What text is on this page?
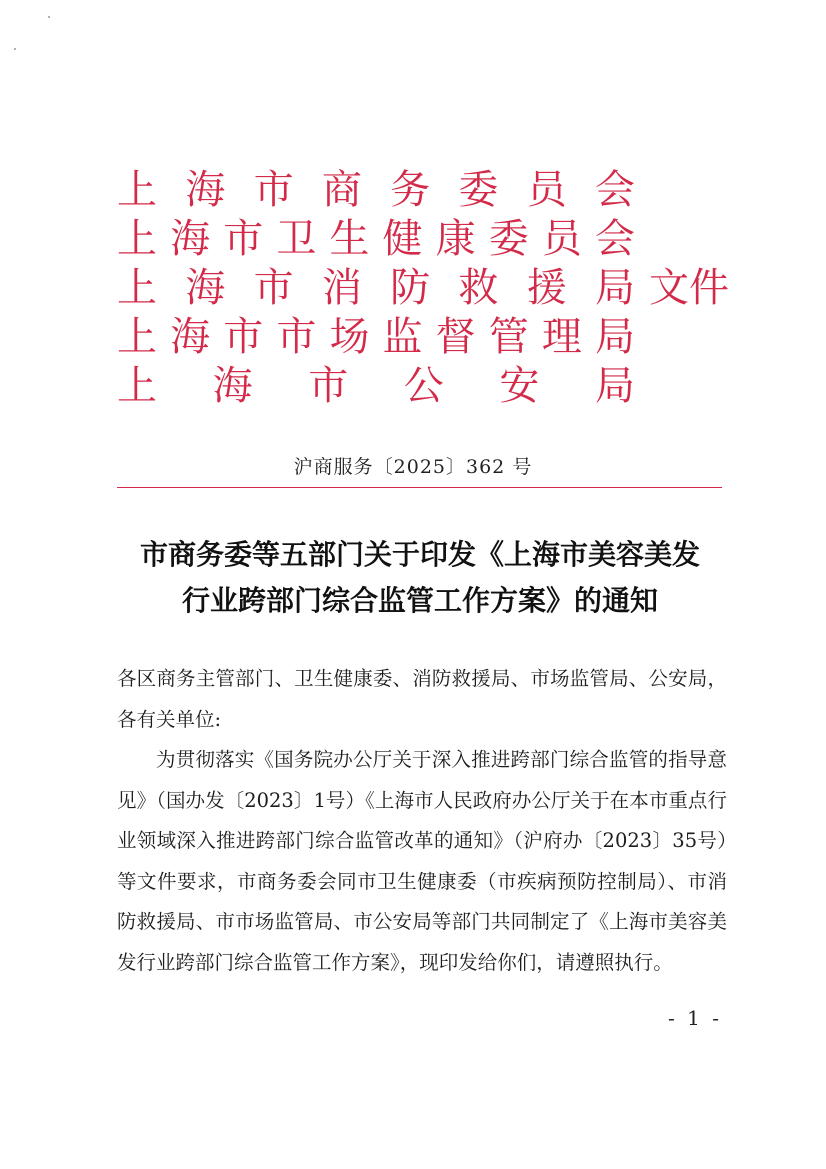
上 海 市 商 务 委 员 会
上 海 市 卫 生 健 康 委 员 会
上 海 市 消 防 救 援 局
上 海 市 市 场 监 督 管 理 局
上 海 市 公 安 局
文件
沪商服务〔2025〕362 号
市商务委等五部门关于印发《上海市美容美发
行业跨部门综合监管工作方案》的通知

各区商务主管部门、卫生健康委、消防救援局、市场监管局、公安局，各有关单位:

为贯彻落实《国务院办公厅关于深入推进跨部门综合监管的指导意见》（国办发〔2023〕1号）《上海市人民政府办公厅关于在本市重点行业领域深入推进跨部门综合监管改革的通知》（沪府办〔2023〕35号）等文件要求，市商务委会同市卫生健康委（市疾病预防控制局）、市消防救援局、市市场监管局、市公安局等部门共同制定了《上海市美容美发行业跨部门综合监管工作方案》，现印发给你们，请遵照执行。

- 1 -
